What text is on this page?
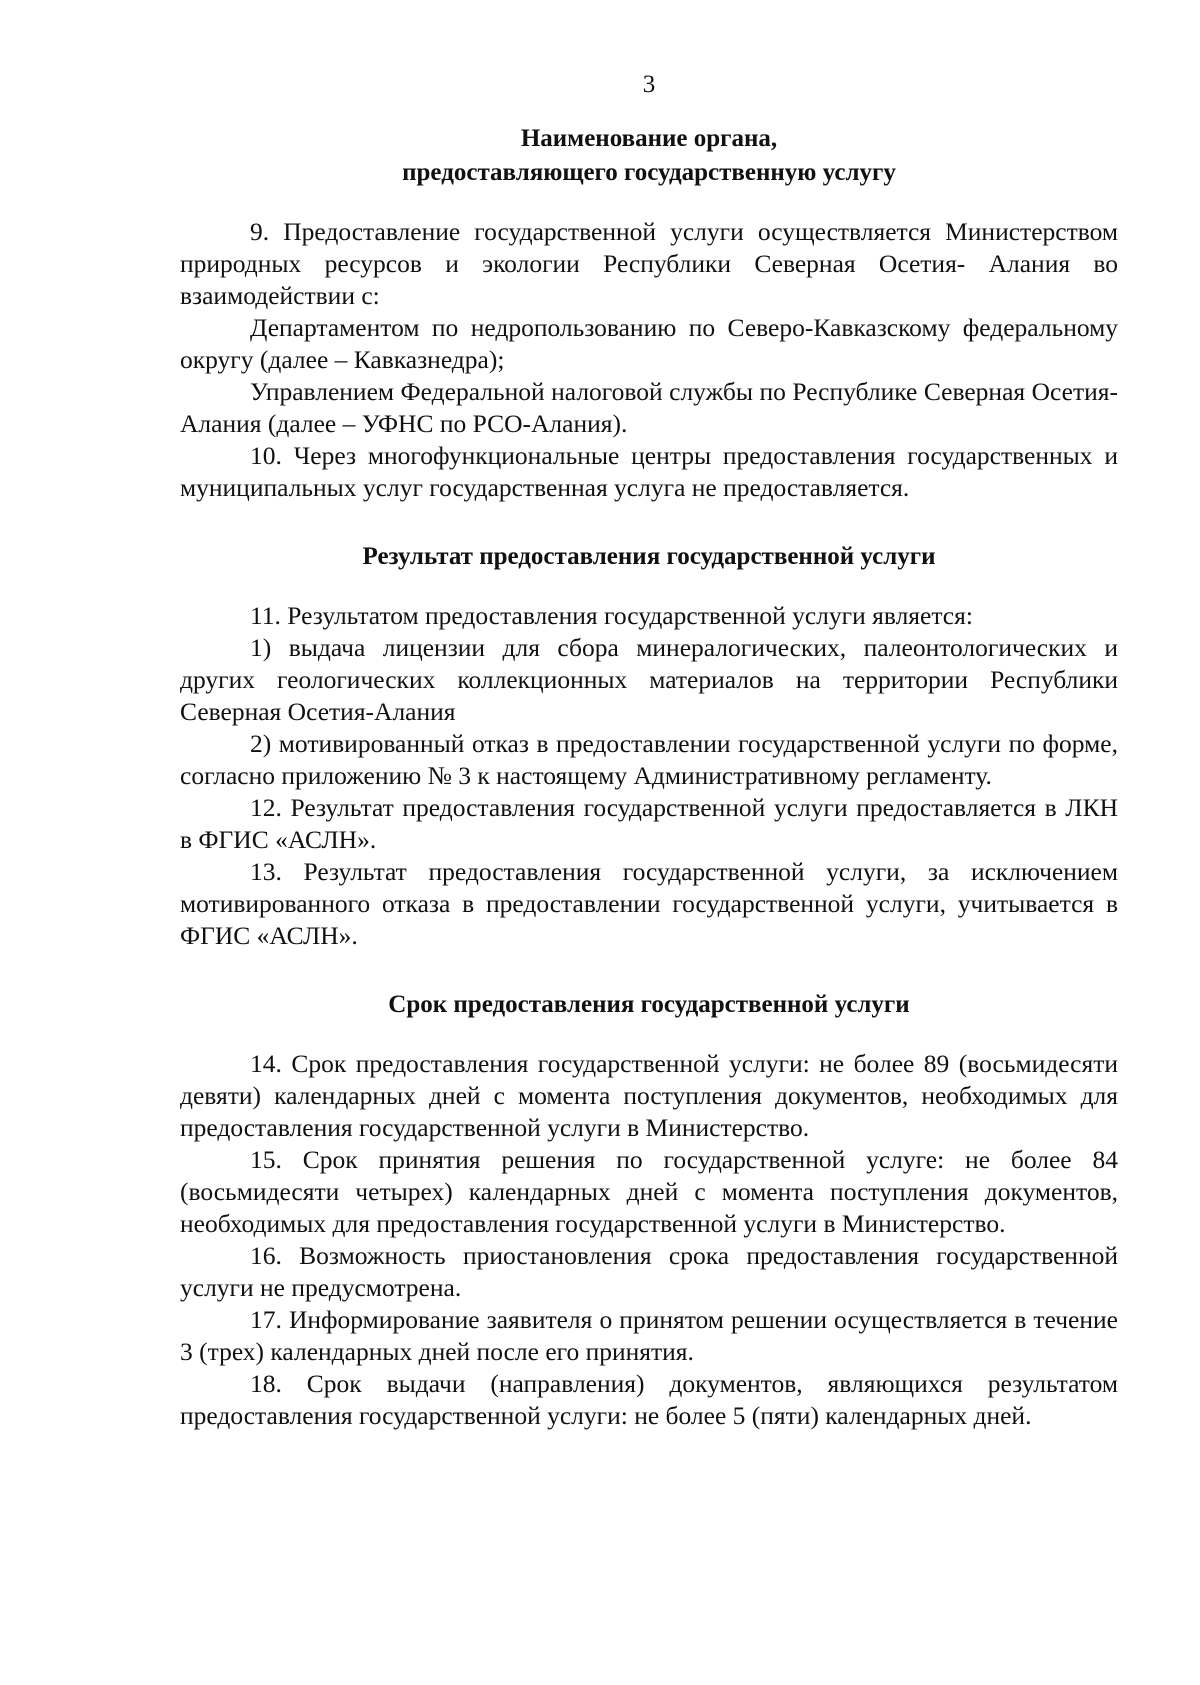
3
Наименование органа,
предоставляющего государственную услугу

9. Предоставление государственной услуги осуществляется Министерством природных ресурсов и экологии Республики Северная Осетия- Алания во взаимодействии с:

Департаментом по недропользованию по Северо-Кавказскому федеральному округу (далее – Кавказнедра);

Управлением Федеральной налоговой службы по Республике Северная Осетия-Алания (далее – УФНС по РСО-Алания).

10. Через многофункциональные центры предоставления государственных и муниципальных услуг государственная услуга не предоставляется.

Результат предоставления государственной услуги

11. Результатом предоставления государственной услуги является:

1) выдача лицензии для сбора минералогических, палеонтологических и других геологических коллекционных материалов на территории Республики Северная Осетия-Алания

2) мотивированный отказ в предоставлении государственной услуги по форме, согласно приложению № 3 к настоящему Административному регламенту.

12. Результат предоставления государственной услуги предоставляется в ЛКН в ФГИС «АСЛН».

13. Результат предоставления государственной услуги, за исключением мотивированного отказа в предоставлении государственной услуги, учитывается в ФГИС «АСЛН».

Срок предоставления государственной услуги

14. Срок предоставления государственной услуги: не более 89 (восьмидесяти девяти) календарных дней с момента поступления документов, необходимых для предоставления государственной услуги в Министерство.

15. Срок принятия решения по государственной услуге: не более 84 (восьмидесяти четырех) календарных дней с момента поступления документов, необходимых для предоставления государственной услуги в Министерство.

16. Возможность приостановления срока предоставления государственной услуги не предусмотрена.

17. Информирование заявителя о принятом решении осуществляется в течение 3 (трех) календарных дней после его принятия.

18. Срок выдачи (направления) документов, являющихся результатом предоставления государственной услуги: не более 5 (пяти) календарных дней.
